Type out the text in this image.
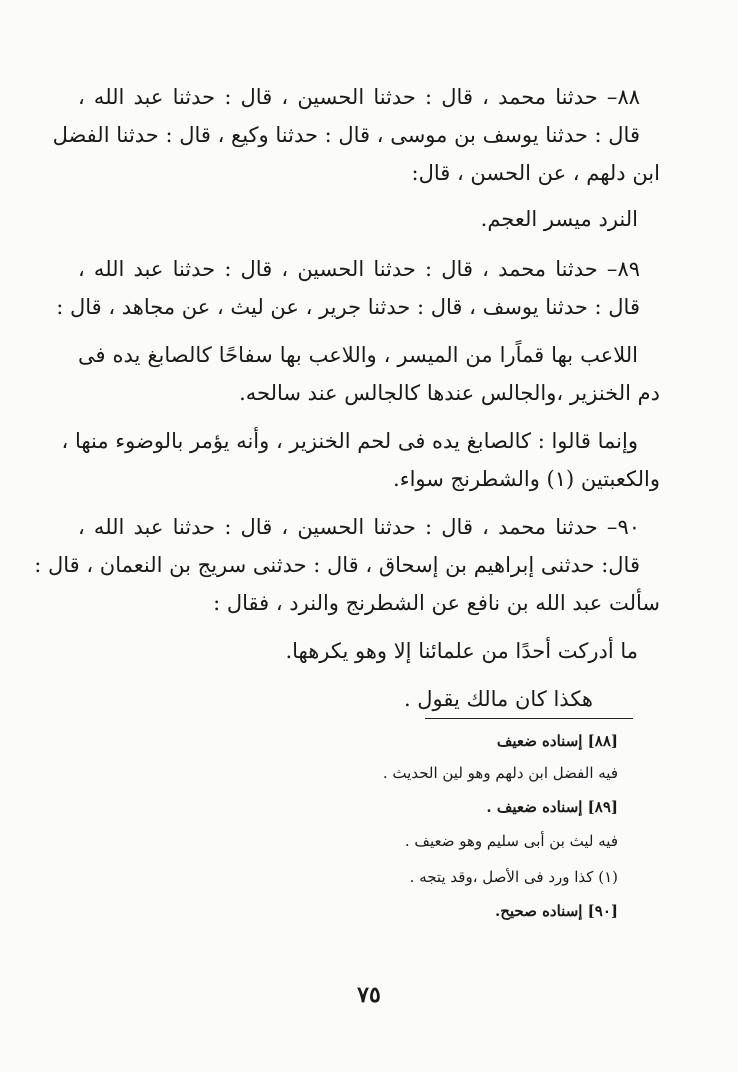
٨٨– حدثنا محمد ، قال : حدثنا الحسين ، قال : حدثنا عبد الله ،
قال : حدثنا يوسف بن موسى ، قال : حدثنا وكيع ، قال : حدثنا الفضل
ابن دلهم ، عن الحسن ، قال:
النرد ميسر العجم.
٨٩– حدثنا محمد ، قال : حدثنا الحسين ، قال : حدثنا عبد الله ،
قال : حدثنا يوسف ، قال : حدثنا جرير ، عن ليث ، عن مجاهد ، قال :
اللاعب بها قماًرا من الميسر ، واللاعب بها سفاحًا كالصابغ يده فى
دم الخنزير ،والجالس عندها كالجالس عند سالحه.
وإنما قالوا : كالصابغ يده فى لحم الخنزير ، وأنه يؤمر بالوضوء منها ،
والكعبتين (١) والشطرنج سواء.
٩٠– حدثنا محمد ، قال : حدثنا الحسين ، قال : حدثنا عبد الله ،
قال: حدثنى إبراهيم بن إسحاق ، قال : حدثنى سريج بن النعمان ، قال :
سألت عبد الله بن نافع عن الشطرنج والنرد ، فقال :
ما أدركت أحدًا من علمائنا إلا وهو يكرهها.
هكذا كان مالك يقول .
[٨٨] إسناده ضعيف
فيه الفضل ابن دلهم وهو لين الحديث .
[٨٩] إسناده ضعيف .
فيه ليث بن أبى سليم وهو ضعيف .
(١) كذا ورد فى الأصل ،وقد يتجه .
[٩٠] إسناده صحيح.
٧٥
